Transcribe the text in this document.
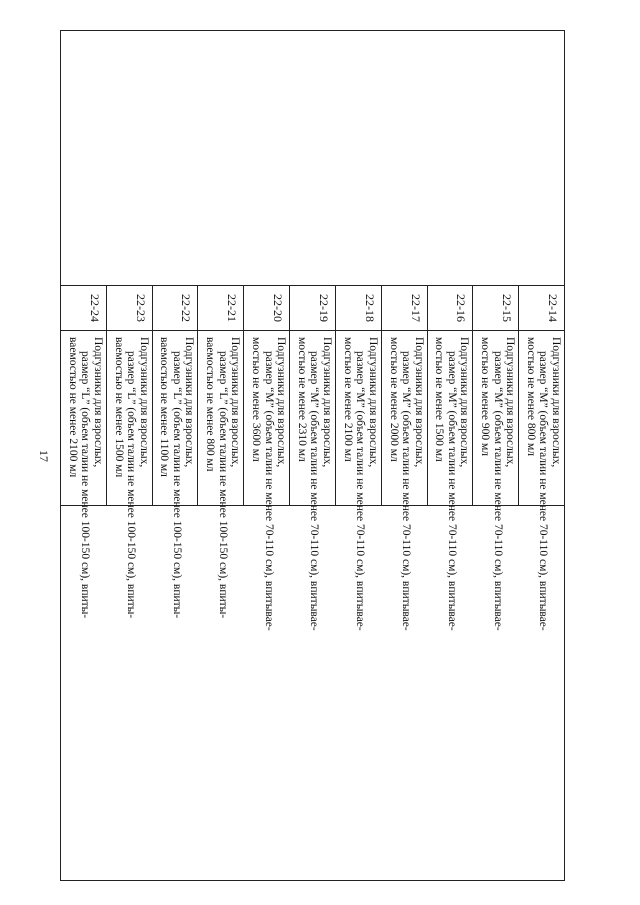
17
	22-14	Подгузники для взрослых,
размер “M” (объем талии не менее 70-110 см), впитывае-
мостью не менее 800 мл	

	22-15	Подгузники для взрослых,
размер “M” (объем талии не менее 70-110 см), впитывае-
мостью не менее 900 мл	

	22-16	Подгузники для взрослых,
размер “M” (объем талии не менее 70-110 см), впитывае-
мостью не менее 1500 мл	

	22-17	Подгузники для взрослых,
размер “M” (объем талии не менее 70-110 см), впитывае-
мостью не менее 2000 мл	

	22-18	Подгузники для взрослых,
размер “M” (объем талии не менее 70-110 см), впитывае-
мостью не менее 2100 мл	

	22-19	Подгузники для взрослых,
размер “M” (объем талии не менее 70-110 см), впитывае-
мостью не менее 2310 мл	

	22-20	Подгузники для взрослых,
размер “M” (объем талии не менее 70-110 см), впитывае-
мостью не менее 3600 мл	

	22-21	Подгузники для взрослых,
размер “L” (объем талии не менее 100-150 см), впиты-
ваемостью не менее 800 мл	

	22-22	Подгузники для взрослых,
размер “L” (объем талии не менее 100-150 см), впиты-
ваемостью не менее 1100 мл	

	22-23	Подгузники для взрослых,
размер “L” (объем талии не менее 100-150 см), впиты-
ваемостью не менее 1500 мл	

	22-24	Подгузники для взрослых,
размер “L” (объем талии не менее 100-150 см), впиты-
ваемостью не менее 2100 мл	
